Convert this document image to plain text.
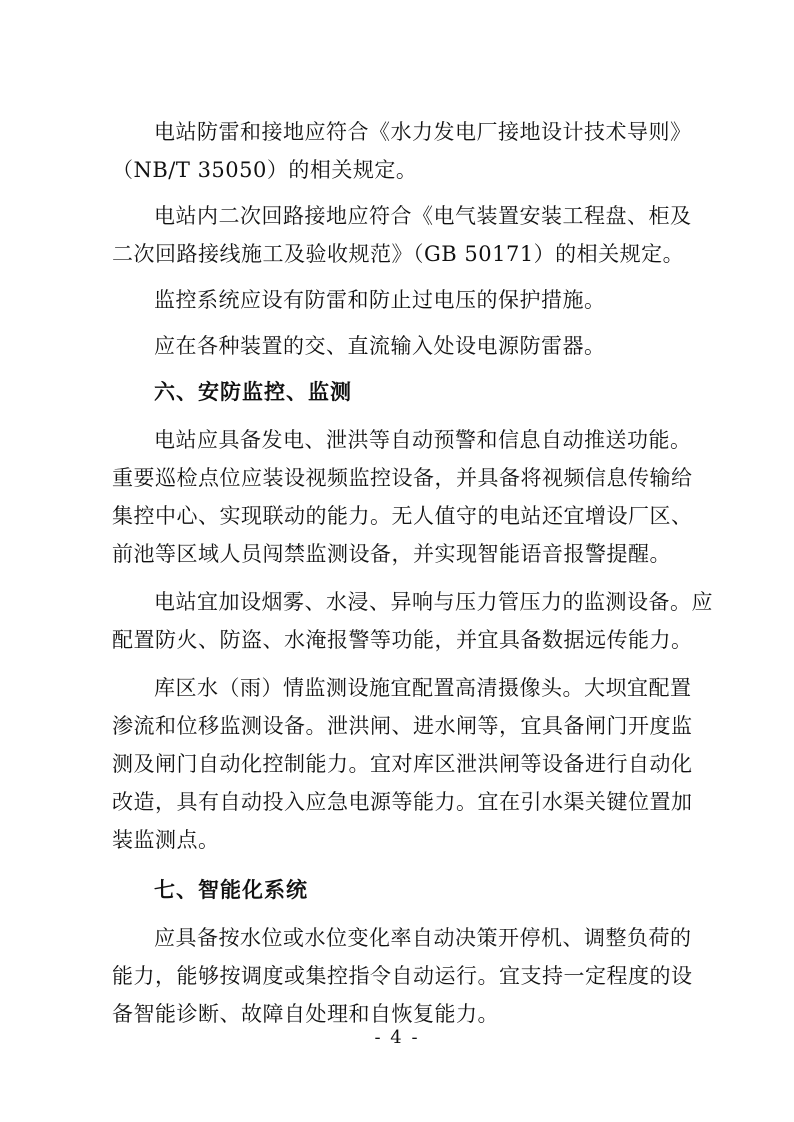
电站防雷和接地应符合《水力发电厂接地设计技术导则》
（NB/T 35050）的相关规定。
电站内二次回路接地应符合《电气装置安装工程盘、柜及
二次回路接线施工及验收规范》（GB 50171）的相关规定。
监控系统应设有防雷和防止过电压的保护措施。
应在各种装置的交、直流输入处设电源防雷器。
六、安防监控、监测
电站应具备发电、泄洪等自动预警和信息自动推送功能。
重要巡检点位应装设视频监控设备，并具备将视频信息传输给
集控中心、实现联动的能力。无人值守的电站还宜增设厂区、
前池等区域人员闯禁监测设备，并实现智能语音报警提醒。
电站宜加设烟雾、水浸、异响与压力管压力的监测设备。应
配置防火、防盗、水淹报警等功能，并宜具备数据远传能力。
库区水（雨）情监测设施宜配置高清摄像头。大坝宜配置
渗流和位移监测设备。泄洪闸、进水闸等，宜具备闸门开度监
测及闸门自动化控制能力。宜对库区泄洪闸等设备进行自动化
改造，具有自动投入应急电源等能力。宜在引水渠关键位置加
装监测点。
七、智能化系统
应具备按水位或水位变化率自动决策开停机、调整负荷的
能力，能够按调度或集控指令自动运行。宜支持一定程度的设
备智能诊断、故障自处理和自恢复能力。
- 4 -
